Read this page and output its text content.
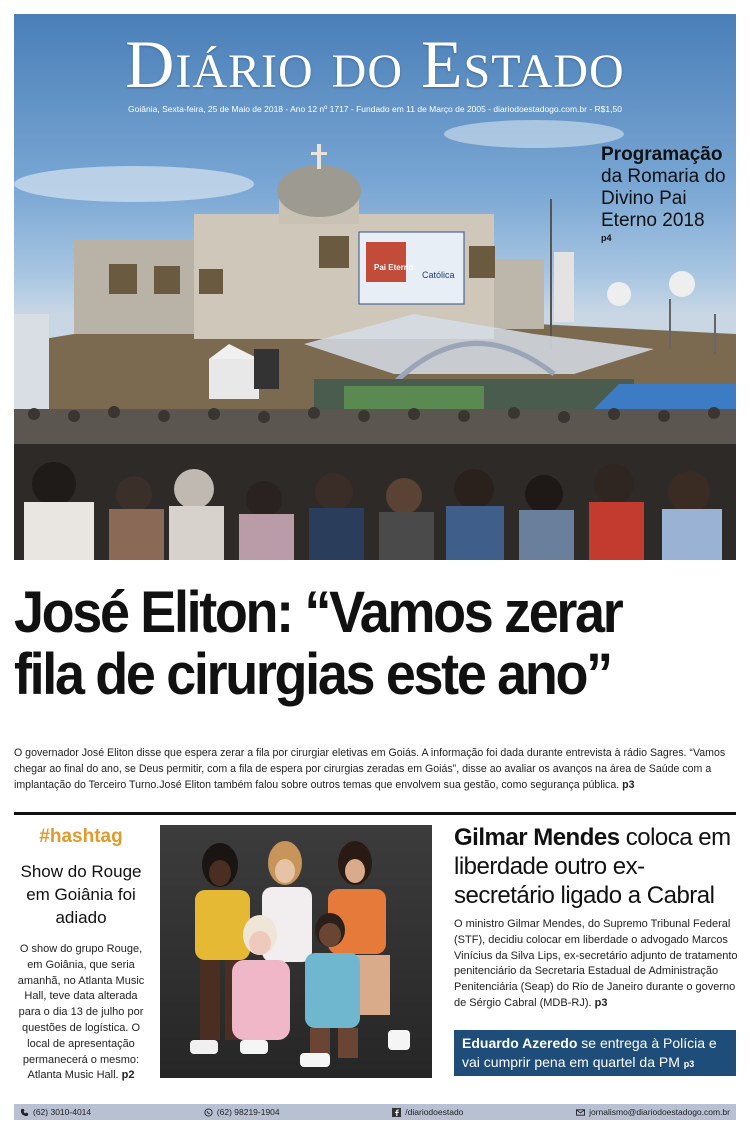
Pai Eterno
Católica
Diário do Estado
Goiânia, Sexta-feira, 25 de Maio de 2018 - Ano 12 nº 1717 - Fundado em 11 de Março de 2005 - diariodoestadogo.com.br - R$1,50
Programação
da Romaria do Divino Pai Eterno 2018
p4
José Eliton: “Vamos zerar
fila de cirurgias este ano”
O governador José Eliton disse que espera zerar a fila por cirurgiar eletivas em Goiás. A informação foi dada durante entrevista à rádio Sagres. “Vamos chegar ao final do ano, se Deus permitir, com a fila de espera por cirurgias zeradas em Goiás”, disse ao avaliar os avanços na área de Saúde com a implantação do Terceiro Turno.José Eliton também falou sobre outros temas que envolvem sua gestão, como segurança pública. p3
#hashtag
Show do Rouge em Goiânia foi adiado
O show do grupo Rouge, em Goiânia, que seria amanhã, no Atlanta Music Hall, teve data alterada para o dia 13 de julho por questões de logística. O local de apresentação permanecerá o mesmo: Atlanta Music Hall. p2
Gilmar Mendes coloca em liberdade outro ex-secretário ligado a Cabral
O ministro Gilmar Mendes, do Supremo Tribunal Federal (STF), decidiu colocar em liberdade o advogado Marcos Vinícius da Silva Lips, ex-secretário adjunto de tratamento penitenciário da Secretaria Estadual de Administração Penitenciária (Seap) do Rio de Janeiro durante o governo de Sérgio Cabral (MDB-RJ). p3
Eduardo Azeredo se entrega à Polícia e vai cumprir pena em quartel da PM p3
(62) 3010-4014	(62) 98219-1904	/diariodoestado	jornalismo@diariodoestadogo.com.br
